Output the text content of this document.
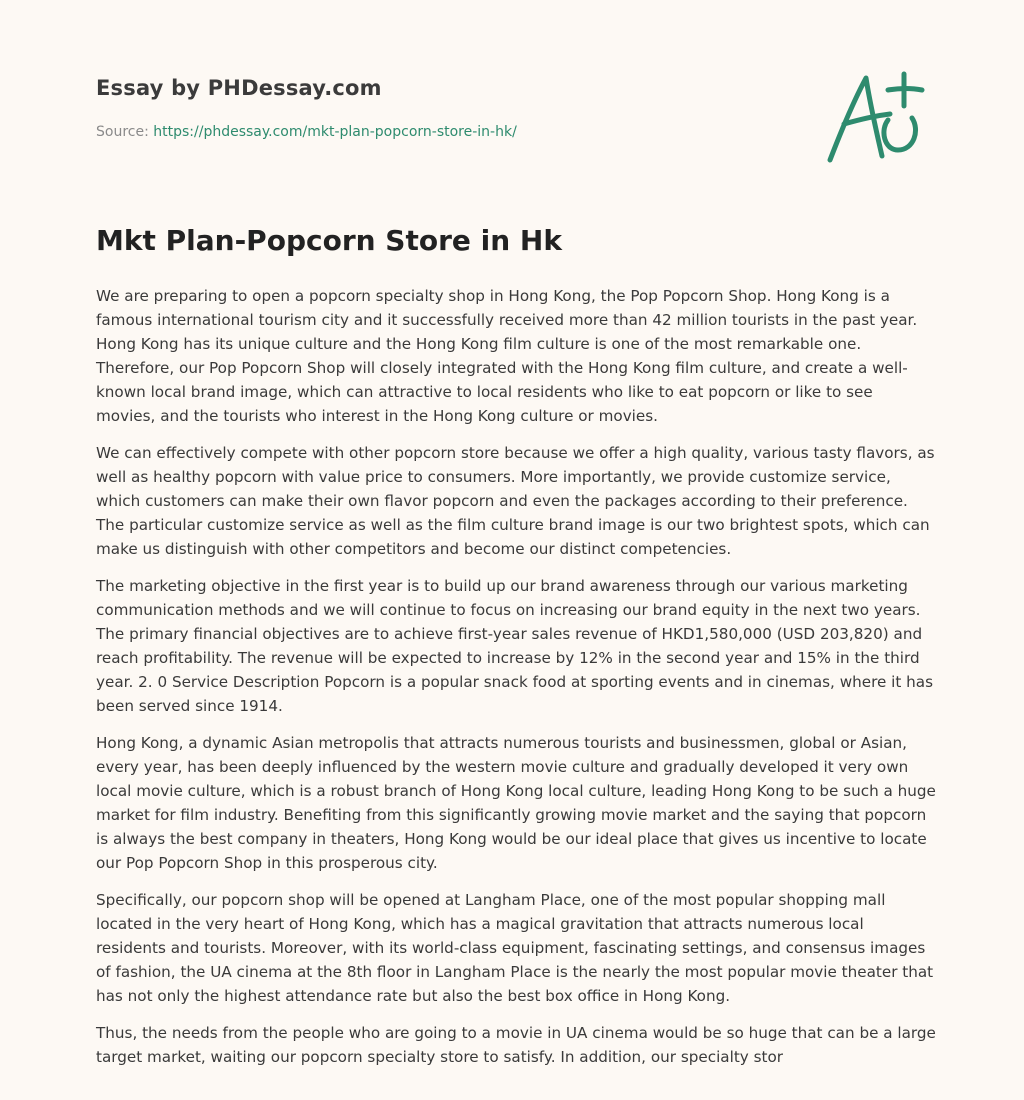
Essay by PHDessay.com
Source: https://phdessay.com/mkt-plan-popcorn-store-in-hk/
Mkt Plan-Popcorn Store in Hk

We are preparing to open a popcorn specialty shop in Hong Kong, the Pop Popcorn Shop. Hong Kong is a famous international tourism city and it successfully received more than 42 million tourists in the past year. Hong Kong has its unique culture and the Hong Kong film culture is one of the most remarkable one. Therefore, our Pop Popcorn Shop will closely integrated with the Hong Kong film culture, and create a well-known local brand image, which can attractive to local residents who like to eat popcorn or like to see movies, and the tourists who interest in the Hong Kong culture or movies.

We can effectively compete with other popcorn store because we offer a high quality, various tasty flavors, as well as healthy popcorn with value price to consumers. More importantly, we provide customize service, which customers can make their own flavor popcorn and even the packages according to their preference. The particular customize service as well as the film culture brand image is our two brightest spots, which can make us distinguish with other competitors and become our distinct competencies.

The marketing objective in the first year is to build up our brand awareness through our various marketing communication methods and we will continue to focus on increasing our brand equity in the next two years. The primary financial objectives are to achieve first-year sales revenue of HKD1,580,000 (USD 203,820) and reach profitability. The revenue will be expected to increase by 12% in the second year and 15% in the third year. 2. 0 Service Description Popcorn is a popular snack food at sporting events and in cinemas, where it has been served since 1914.

Hong Kong, a dynamic Asian metropolis that attracts numerous tourists and businessmen, global or Asian, every year, has been deeply influenced by the western movie culture and gradually developed it very own local movie culture, which is a robust branch of Hong Kong local culture, leading Hong Kong to be such a huge market for film industry. Benefiting from this significantly growing movie market and the saying that popcorn is always the best company in theaters, Hong Kong would be our ideal place that gives us incentive to locate our Pop Popcorn Shop in this prosperous city.

Specifically, our popcorn shop will be opened at Langham Place, one of the most popular shopping mall located in the very heart of Hong Kong, which has a magical gravitation that attracts numerous local residents and tourists. Moreover, with its world-class equipment, fascinating settings, and consensus images of fashion, the UA cinema at the 8th floor in Langham Place is the nearly the most popular movie theater that has not only the highest attendance rate but also the best box office in Hong Kong.

Thus, the needs from the people who are going to a movie in UA cinema would be so huge that can be a large target market, waiting our popcorn specialty store to satisfy. In addition, our specialty stor
